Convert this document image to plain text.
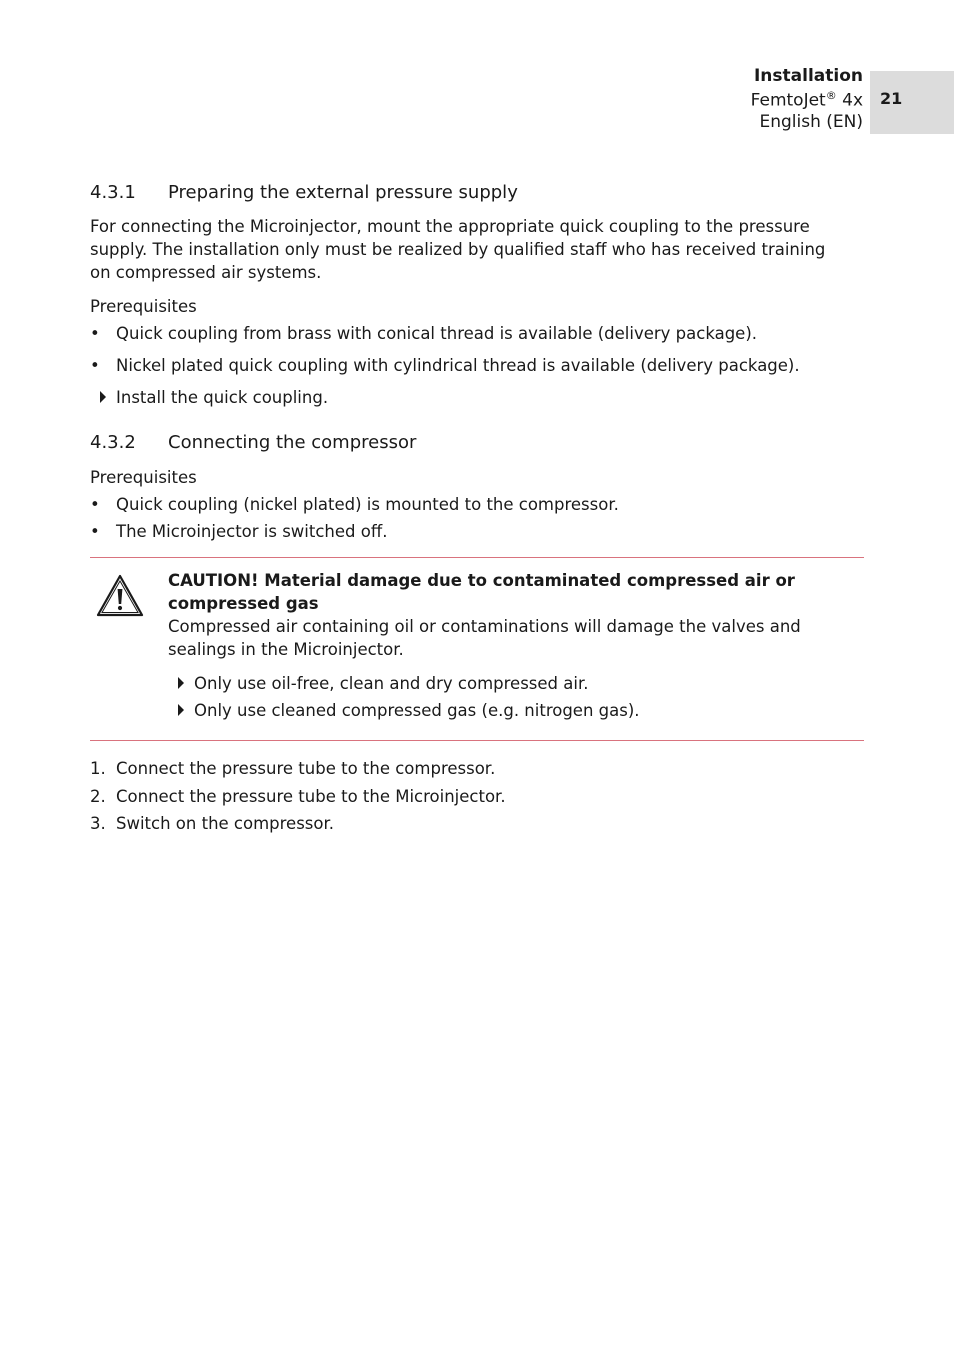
Installation
FemtoJet® 4x
English (EN)
21
4.3.1 Preparing the external pressure supply
For connecting the Microinjector, mount the appropriate quick coupling to the pressure
supply. The installation only must be realized by qualified staff who has received training
on compressed air systems.
Prerequisites
• Quick coupling from brass with conical thread is available (delivery package).
• Nickel plated quick coupling with cylindrical thread is available (delivery package).
Install the quick coupling.
4.3.2 Connecting the compressor
Prerequisites
• Quick coupling (nickel plated) is mounted to the compressor.
• The Microinjector is switched off.
CAUTION! Material damage due to contaminated compressed air or
compressed gas
Compressed air containing oil or contaminations will damage the valves and
sealings in the Microinjector.
Only use oil-free, clean and dry compressed air.
Only use cleaned compressed gas (e.g. nitrogen gas).
1. Connect the pressure tube to the compressor.
2. Connect the pressure tube to the Microinjector.
3. Switch on the compressor.
